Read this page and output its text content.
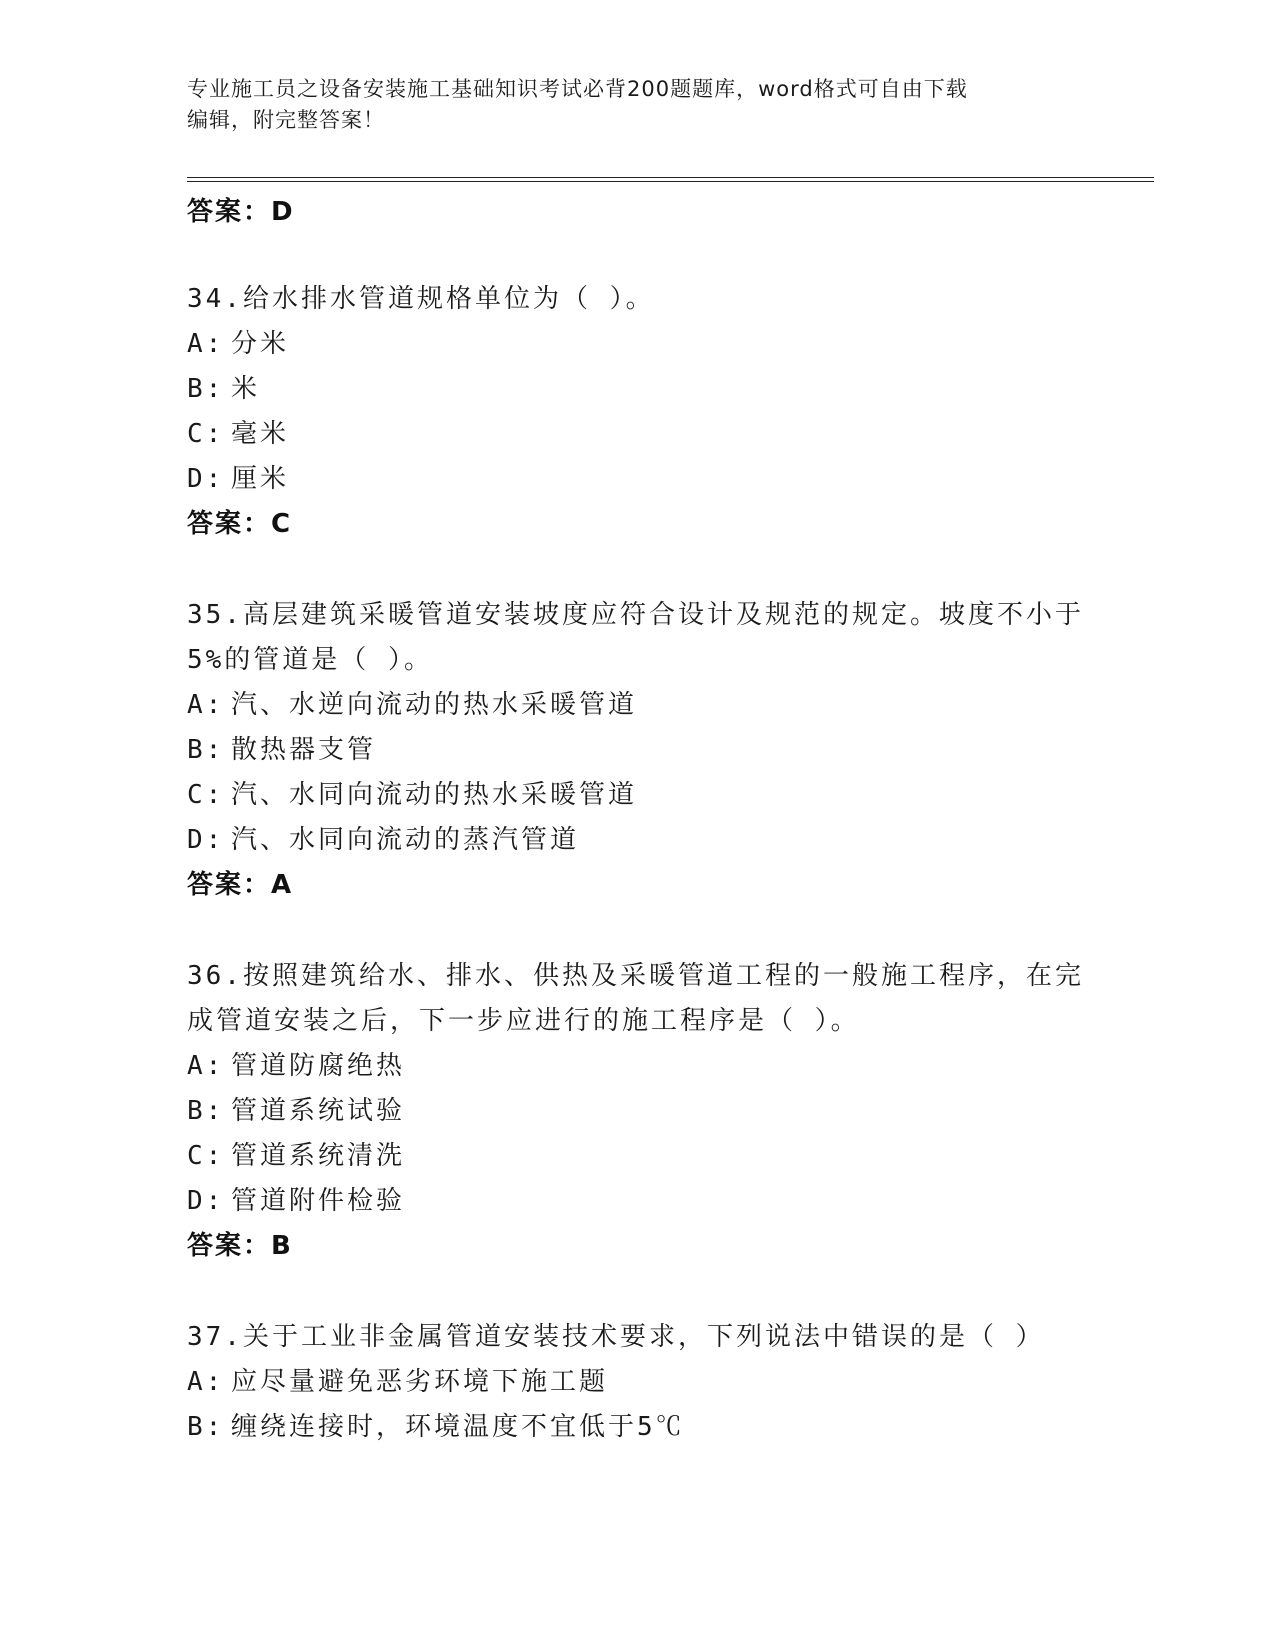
专业施工员之设备安装施工基础知识考试必背200题题库，word格式可自由下载
编辑，附完整答案！
答案：D
34.给水排水管道规格单位为（ ）。
A: 分米
B: 米
C: 毫米
D: 厘米
答案：C
35.高层建筑采暖管道安装坡度应符合设计及规范的规定。坡度不小于
5%的管道是（ ）。
A: 汽、水逆向流动的热水采暖管道
B: 散热器支管
C: 汽、水同向流动的热水采暖管道
D: 汽、水同向流动的蒸汽管道
答案：A
36.按照建筑给水、排水、供热及采暖管道工程的一般施工程序，在完
成管道安装之后，下一步应进行的施工程序是（ ）。
A: 管道防腐绝热
B: 管道系统试验
C: 管道系统清洗
D: 管道附件检验
答案：B
37.关于工业非金属管道安装技术要求，下列说法中错误的是（ ）
A: 应尽量避免恶劣环境下施工题
B: 缠绕连接时，环境温度不宜低于5℃
